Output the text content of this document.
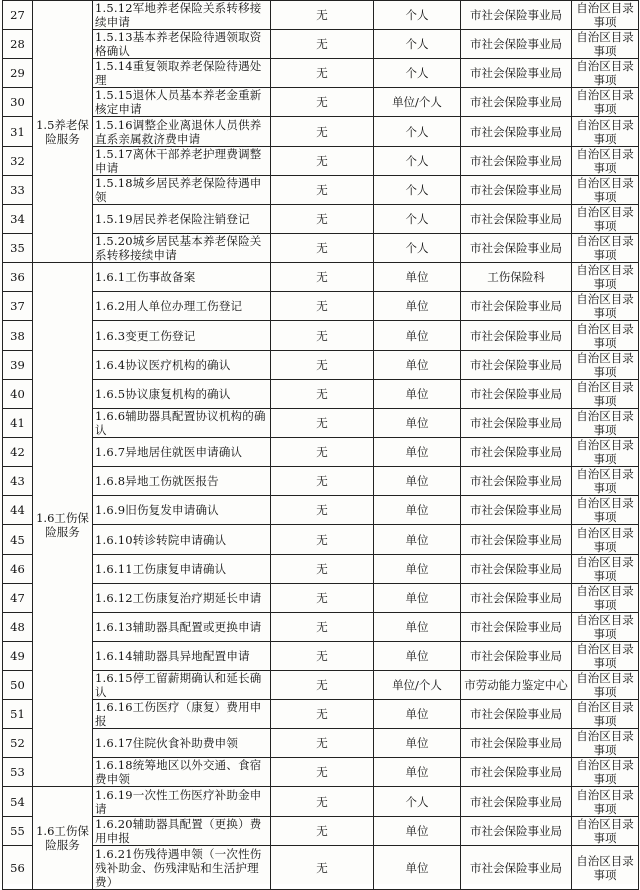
27	1.5养老保险服务	1.5.12军地养老保险关系转移接续申请	无	个人	市社会保险事业局	自治区目录事项
28		1.5.13基本养老保险待遇领取资格确认	无	个人	市社会保险事业局	自治区目录事项
29		1.5.14重复领取养老保险待遇处理	无	个人	市社会保险事业局	自治区目录事项
30		1.5.15退休人员基本养老金重新核定申请	无	单位/个人	市社会保险事业局	自治区目录事项
31		1.5.16调整企业离退休人员供养直系亲属救济费申请	无	个人	市社会保险事业局	自治区目录事项
32		1.5.17离休干部养老护理费调整申请	无	个人	市社会保险事业局	自治区目录事项
33		1.5.18城乡居民养老保险待遇申领	无	个人	市社会保险事业局	自治区目录事项
34		1.5.19居民养老保险注销登记	无	个人	市社会保险事业局	自治区目录事项
35		1.5.20城乡居民基本养老保险关系转移接续申请	无	个人	市社会保险事业局	自治区目录事项
36	1.6工伤保险服务	1.6.1工伤事故备案	无	单位	工伤保险科	自治区目录事项
37		1.6.2用人单位办理工伤登记	无	单位	市社会保险事业局	自治区目录事项
38		1.6.3变更工伤登记	无	单位	市社会保险事业局	自治区目录事项
39		1.6.4协议医疗机构的确认	无	单位	市社会保险事业局	自治区目录事项
40		1.6.5协议康复机构的确认	无	单位	市社会保险事业局	自治区目录事项
41		1.6.6辅助器具配置协议机构的确认	无	单位	市社会保险事业局	自治区目录事项
42		1.6.7异地居住就医申请确认	无	单位	市社会保险事业局	自治区目录事项
43		1.6.8异地工伤就医报告	无	单位	市社会保险事业局	自治区目录事项
44		1.6.9旧伤复发申请确认	无	单位	市社会保险事业局	自治区目录事项
45		1.6.10转诊转院申请确认	无	单位	市社会保险事业局	自治区目录事项
46		1.6.11工伤康复申请确认	无	单位	市社会保险事业局	自治区目录事项
47		1.6.12工伤康复治疗期延长申请	无	单位	市社会保险事业局	自治区目录事项
48		1.6.13辅助器具配置或更换申请	无	单位	市社会保险事业局	自治区目录事项
49		1.6.14辅助器具异地配置申请	无	单位	市社会保险事业局	自治区目录事项
50		1.6.15停工留薪期确认和延长确认	无	单位/个人	市劳动能力鉴定中心	自治区目录事项
51		1.6.16工伤医疗（康复）费用申报	无	单位	市社会保险事业局	自治区目录事项
52		1.6.17住院伙食补助费申领	无	单位	市社会保险事业局	自治区目录事项
53		1.6.18统筹地区以外交通、食宿费申领	无	单位	市社会保险事业局	自治区目录事项
54	1.6工伤保险服务	1.6.19一次性工伤医疗补助金申请	无	个人	市社会保险事业局	自治区目录事项
55		1.6.20辅助器具配置（更换）费用申报	无	单位	市社会保险事业局	自治区目录事项
56		1.6.21伤残待遇申领（一次性伤残补助金、伤残津贴和生活护理费）	无	单位	市社会保险事业局	自治区目录事项
